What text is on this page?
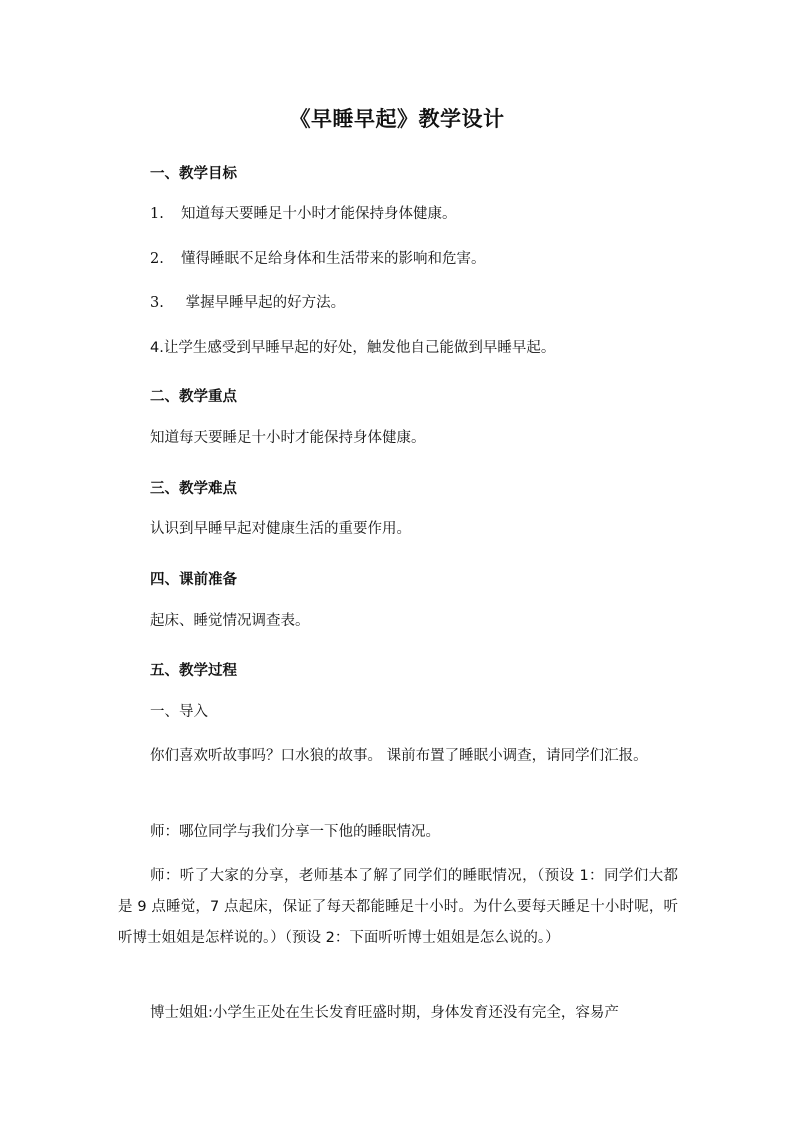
《早睡早起》教学设计
一、教学目标
1. 知道每天要睡足十小时才能保持身体健康。
2. 懂得睡眠不足给身体和生活带来的影响和危害。
3. 掌握早睡早起的好方法。
4.让学生感受到早睡早起的好处，触发他自己能做到早睡早起。
二、教学重点
知道每天要睡足十小时才能保持身体健康。
三、教学难点
认识到早睡早起对健康生活的重要作用。
四、课前准备
起床、睡觉情况调查表。
五、教学过程
一、导入
你们喜欢听故事吗？口水狼的故事。 课前布置了睡眠小调查，请同学们汇报。
师：哪位同学与我们分享一下他的睡眠情况。
师：听了大家的分享，老师基本了解了同学们的睡眠情况，（预设 1：同学们大都是 9 点睡觉，7 点起床，保证了每天都能睡足十小时。为什么要每天睡足十小时呢，听听博士姐姐是怎样说的。）（预设 2：下面听听博士姐姐是怎么说的。）
博士姐姐:小学生正处在生长发育旺盛时期，身体发育还没有完全，容易产
